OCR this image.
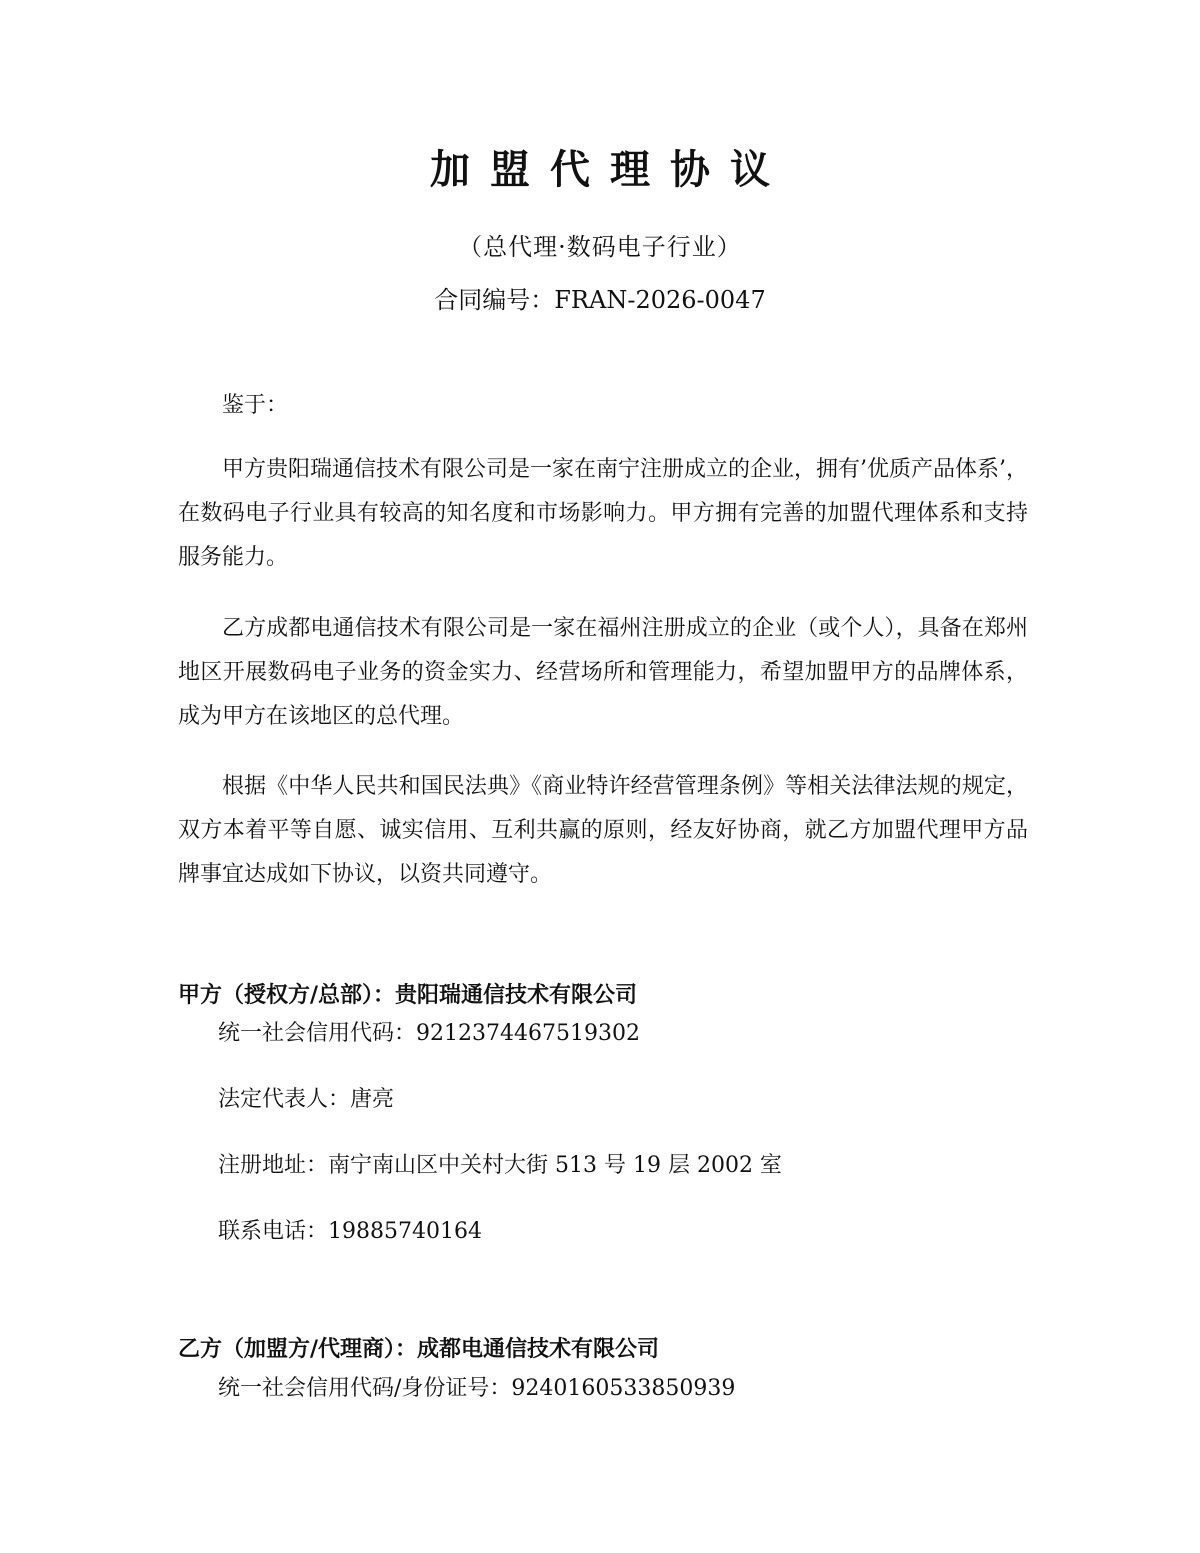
加盟代理协议
（总代理·数码电子行业）
合同编号：FRAN-2026-0047

鉴于：

甲方贵阳瑞通信技术有限公司是一家在南宁注册成立的企业，拥有’优质产品体系’，在数码电子行业具有较高的知名度和市场影响力。甲方拥有完善的加盟代理体系和支持服务能力。

乙方成都电通信技术有限公司是一家在福州注册成立的企业（或个人），具备在郑州地区开展数码电子业务的资金实力、经营场所和管理能力，希望加盟甲方的品牌体系，成为甲方在该地区的总代理。

根据《中华人民共和国民法典》《商业特许经营管理条例》等相关法律法规的规定，双方本着平等自愿、诚实信用、互利共赢的原则，经友好协商，就乙方加盟代理甲方品牌事宜达成如下协议，以资共同遵守。

甲方（授权方/总部）：贵阳瑞通信技术有限公司

统一社会信用代码：9212374467519302

法定代表人：唐亮

注册地址：南宁南山区中关村大街 513 号 19 层 2002 室

联系电话：19885740164

乙方（加盟方/代理商）：成都电通信技术有限公司

统一社会信用代码/身份证号：9240160533850939
